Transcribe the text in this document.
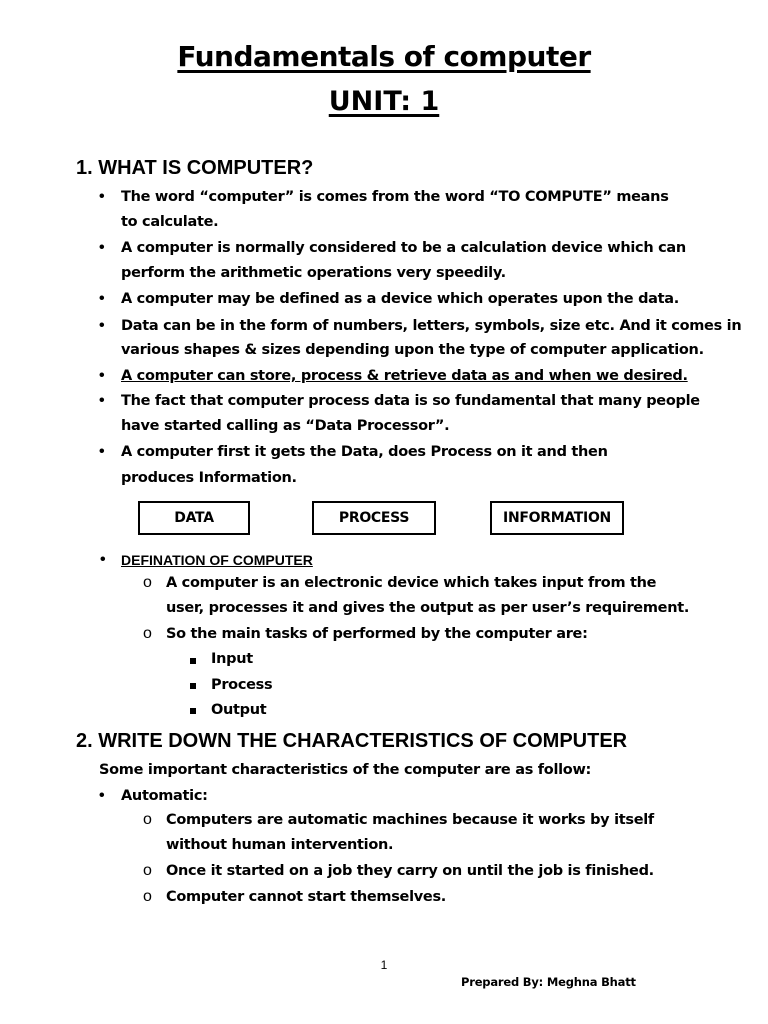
Fundamentals of computer
UNIT: 1
1. WHAT IS COMPUTER?
• The word “computer” is comes from the word “TO COMPUTE” means
to calculate.
• A computer is normally considered to be a calculation device which can
perform the arithmetic operations very speedily.
• A computer may be defined as a device which operates upon the data.
• Data can be in the form of numbers, letters, symbols, size etc. And it comes in
various shapes & sizes depending upon the type of computer application.
• A computer can store, process & retrieve data as and when we desired.
• The fact that computer process data is so fundamental that many people
have started calling as “Data Processor”.
• A computer first it gets the Data, does Process on it and then
produces Information.
DATA	PROCESS	INFORMATION
• DEFINATION OF COMPUTER
o A computer is an electronic device which takes input from the
user, processes it and gives the output as per user’s requirement.
o So the main tasks of performed by the computer are:
Input
Process
Output
2. WRITE DOWN THE CHARACTERISTICS OF COMPUTER
Some important characteristics of the computer are as follow:
• Automatic:
o Computers are automatic machines because it works by itself
without human intervention.
o Once it started on a job they carry on until the job is finished.
o Computer cannot start themselves.
1
Prepared By: Meghna Bhatt
